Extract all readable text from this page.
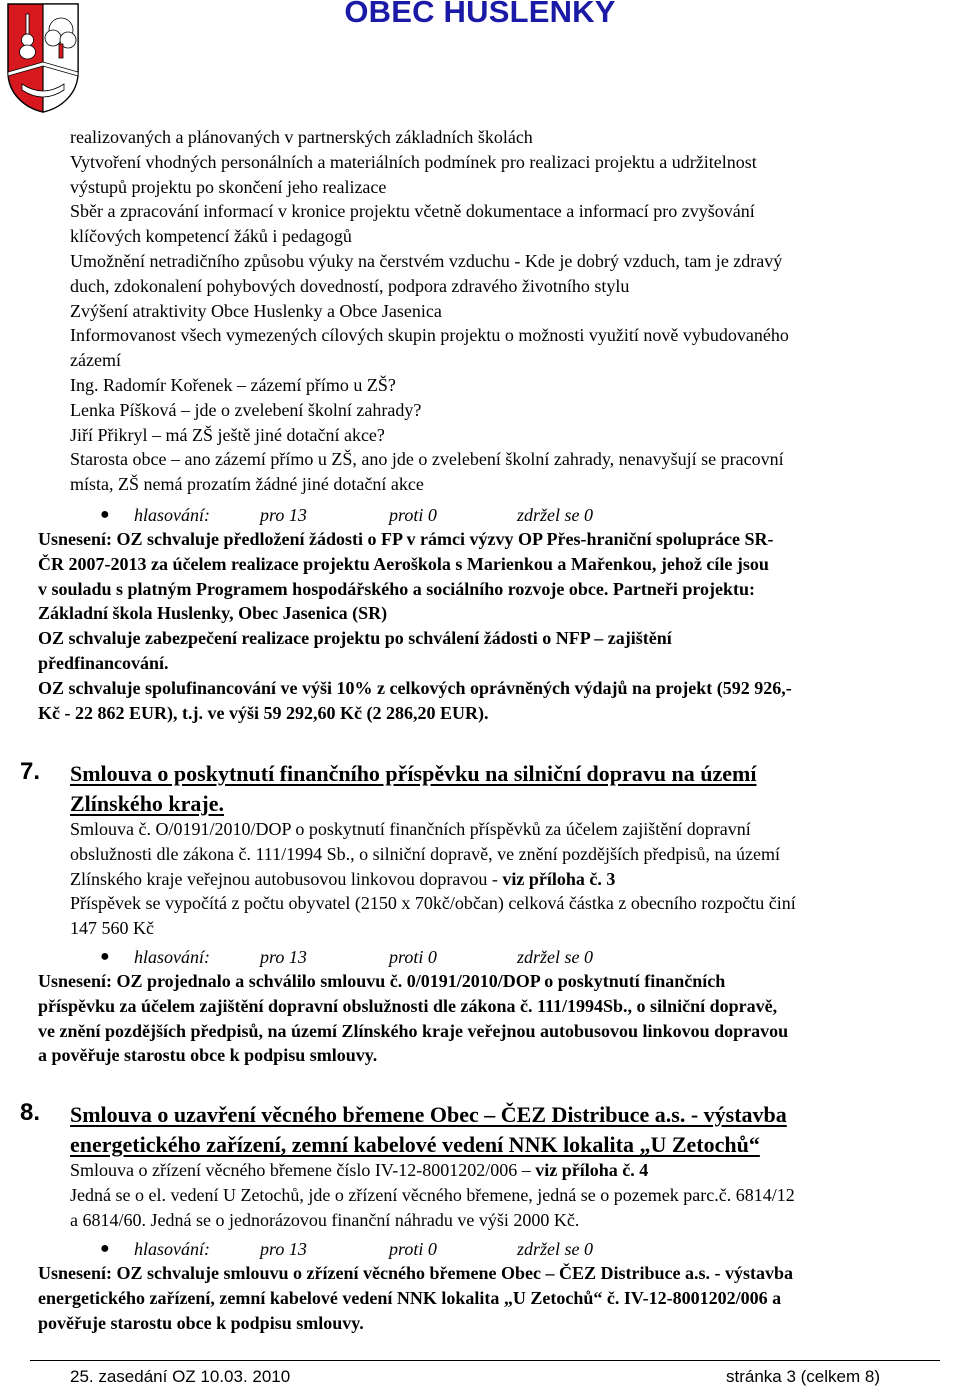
OBEC HUSLENKY
realizovaných a plánovaných v partnerských základních školách
Vytvoření vhodných personálních a materiálních podmínek pro realizaci projektu a udržitelnost
výstupů projektu po skončení jeho realizace
Sběr a zpracování informací v kronice projektu včetně dokumentace a informací pro zvyšování
klíčových kompetencí žáků i pedagogů
Umožnění netradičního způsobu výuky na čerstvém vzduchu - Kde je dobrý vzduch, tam je zdravý
duch, zdokonalení pohybových dovedností, podpora zdravého životního stylu
Zvýšení atraktivity Obce Huslenky a Obce Jasenica
Informovanost všech vymezených cílových skupin projektu o možnosti využití nově vybudovaného
zázemí
Ing. Radomír Kořenek – zázemí přímo u ZŠ?
Lenka Píšková – jde o zvelebení školní zahrady?
Jiří Přikryl – má ZŠ ještě jiné dotační akce?
Starosta obce – ano zázemí přímo u ZŠ, ano jde o zvelebení školní zahrady, nenavyšují se pracovní
místa, ZŠ nemá prozatím žádné jiné dotační akce
● hlasování:	pro 13	proti 0	zdržel se 0
Usnesení: OZ schvaluje předložení žádosti o FP v rámci výzvy OP Přes-hraniční spolupráce SR-
ČR 2007-2013 za účelem realizace projektu Aeroškola s Marienkou a Mařenkou, jehož cíle jsou
v souladu s platným Programem hospodářského a sociálního rozvoje obce. Partneři projektu:
Základní škola Huslenky, Obec Jasenica (SR)
OZ schvaluje zabezpečení realizace projektu po schválení žádosti o NFP – zajištění
předfinancování.
OZ schvaluje spolufinancování ve výši 10% z celkových oprávněných výdajů na projekt (592 926,-
Kč - 22 862 EUR), t.j. ve výši 59 292,60 Kč (2 286,20 EUR).
7. Smlouva o poskytnutí finančního příspěvku na silniční dopravu na území
Zlínského kraje.
Smlouva č. O/0191/2010/DOP o poskytnutí finančních příspěvků za účelem zajištění dopravní
obslužnosti dle zákona č. 111/1994 Sb., o silniční dopravě, ve znění pozdějších předpisů, na území
Zlínského kraje veřejnou autobusovou linkovou dopravou - viz příloha č. 3
Příspěvek se vypočítá z počtu obyvatel (2150 x 70kč/občan) celková částka z obecního rozpočtu činí
147 560 Kč
● hlasování:	pro 13	proti 0	zdržel se 0
Usnesení: OZ projednalo a schválilo smlouvu č. 0/0191/2010/DOP o poskytnutí finančních
příspěvku za účelem zajištění dopravní obslužnosti dle zákona č. 111/1994Sb., o silniční dopravě,
ve znění pozdějších předpisů, na území Zlínského kraje veřejnou autobusovou linkovou dopravou
a pověřuje starostu obce k podpisu smlouvy.
8. Smlouva o uzavření věcného břemene Obec – ČEZ Distribuce a.s. - výstavba
energetického zařízení, zemní kabelové vedení NNK lokalita „U Zetochů“
Smlouva o zřízení věcného břemene číslo IV-12-8001202/006 – viz příloha č. 4
Jedná se o el. vedení U Zetochů, jde o zřízení věcného břemene, jedná se o pozemek parc.č. 6814/12
a 6814/60. Jedná se o jednorázovou finanční náhradu ve výši 2000 Kč.
● hlasování:	pro 13	proti 0	zdržel se 0
Usnesení: OZ schvaluje smlouvu o zřízení věcného břemene Obec – ČEZ Distribuce a.s. - výstavba
energetického zařízení, zemní kabelové vedení NNK lokalita „U Zetochů“ č. IV-12-8001202/006 a
pověřuje starostu obce k podpisu smlouvy.
25. zasedání OZ 10.03. 2010	stránka 3 (celkem 8)
